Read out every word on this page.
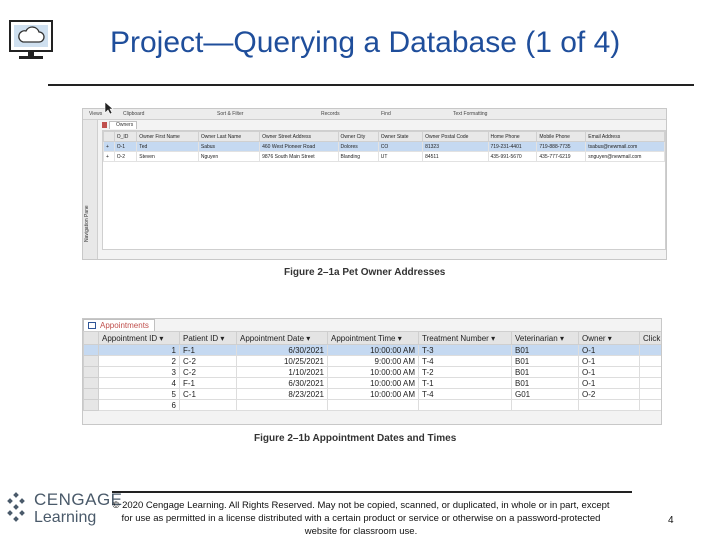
Project—Querying a Database (1 of 4)
Views	Clipboard	Sort & Filter	Records	Find	Text Formatting
Navigation Pane
Owners
	O_ID	Owner First Name	Owner Last Name	Owner Street Address	Owner City	Owner State	Owner Postal Code	Home Phone	Mobile Phone	Email Address
+	O-1	Ted	Sabus	460 West Pioneer Road	Dolores	CO	81323	719-231-4401	719-888-7735	tsabus@newmail.com
+	O-2	Steven	Nguyen	9876 South Main Street	Blanding	UT	84511	435-991-5670	435-777-6219	snguyen@newmail.com
Figure 2–1a Pet Owner Addresses
Appointments
	Appointment ID ▾	Patient ID ▾	Appointment Date ▾	Appointment Time ▾	Treatment Number ▾	Veterinarian ▾	Owner ▾	Click
	1	F-1	6/30/2021	10:00:00 AM	T-3	B01	O-1	
	2	C-2	10/25/2021	9:00:00 AM	T-4	B01	O-1	
	3	C-2	1/10/2021	10:00:00 AM	T-2	B01	O-1	
	4	F-1	6/30/2021	10:00:00 AM	T-1	B01	O-1	
	5	C-1	8/23/2021	10:00:00 AM	T-4	G01	O-2	
	6							
Figure 2–1b Appointment Dates and Times
CENGAGE
Learning
© 2020 Cengage Learning. All Rights Reserved. May not be copied, scanned, or duplicated, in whole or in part, except for use as permitted in a license distributed with a certain product or service or otherwise on a password-protected website for classroom use.
4
